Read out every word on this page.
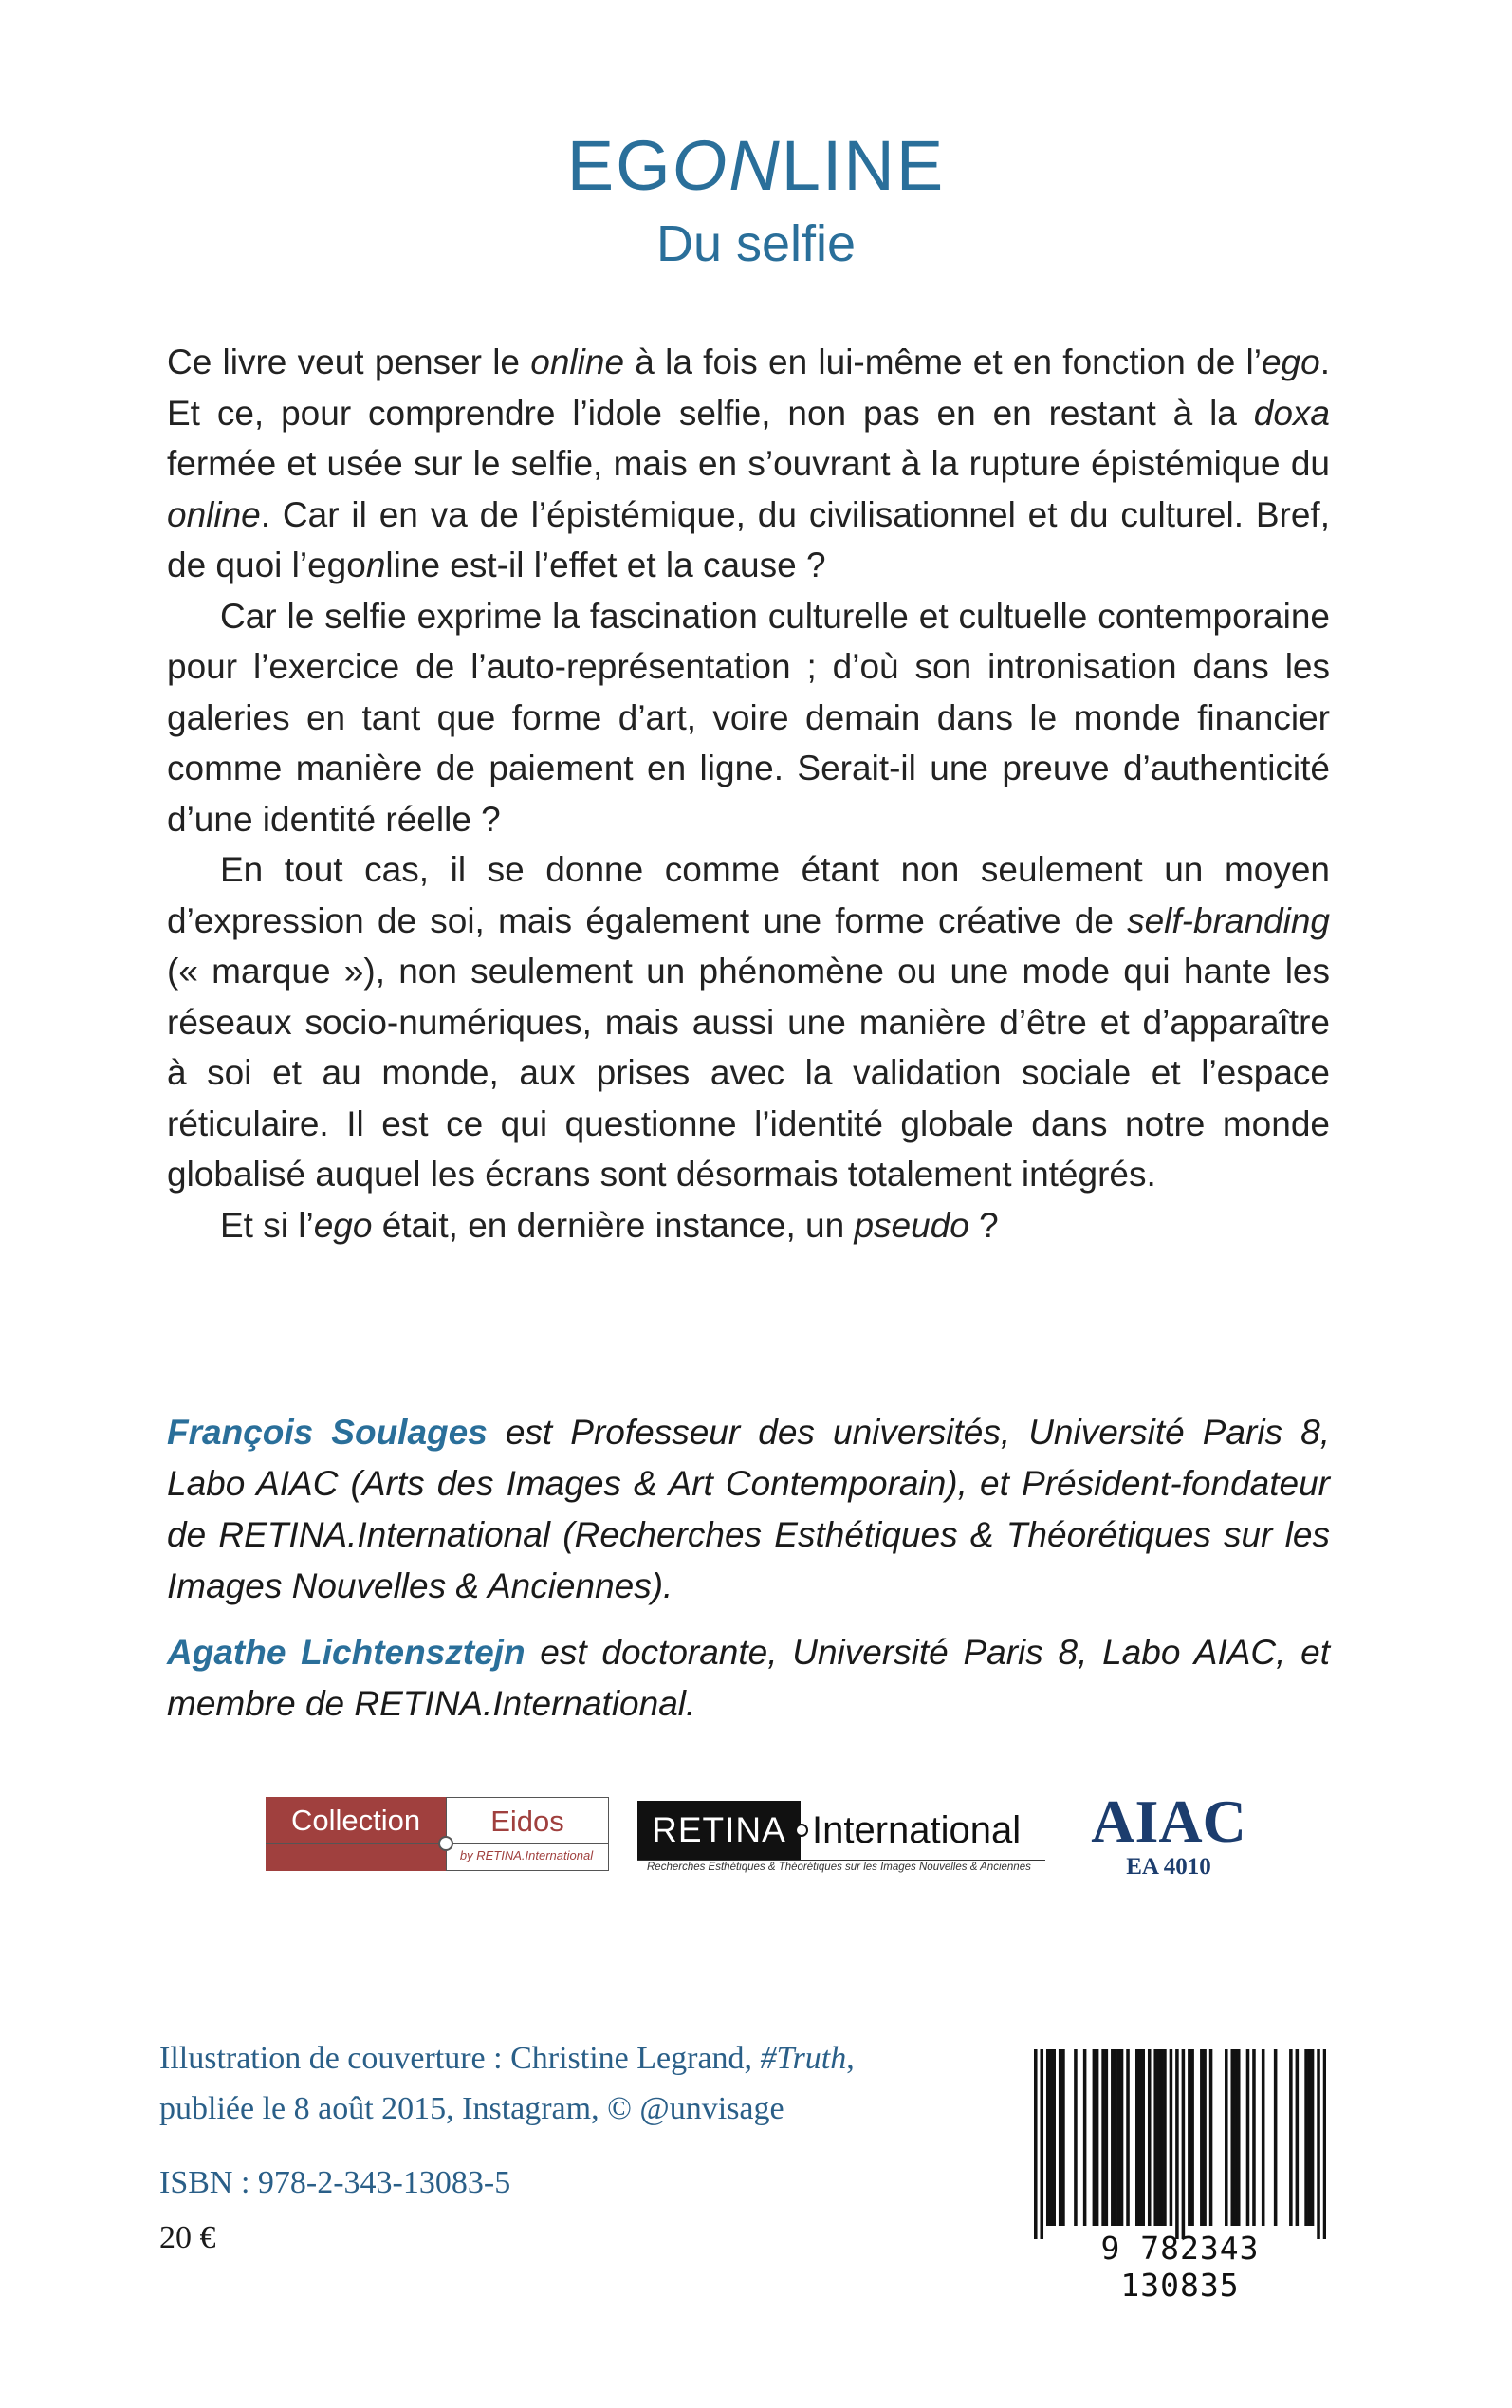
EGONLINE
Du selfie

Ce livre veut penser le online à la fois en lui-même et en fonction de l’ego. Et ce, pour comprendre l’idole selfie, non pas en en restant à la doxa fermée et usée sur le selfie, mais en s’ouvrant à la rupture épistémique du online. Car il en va de l’épistémique, du civilisationnel et du culturel. Bref, de quoi l’egonline est-il l’effet et la cause ?

Car le selfie exprime la fascination culturelle et cultuelle contemporaine pour l’exercice de l’auto-représentation ; d’où son intronisation dans les galeries en tant que forme d’art, voire demain dans le monde financier comme manière de paiement en ligne. Serait-il une preuve d’authenticité d’une identité réelle ?

En tout cas, il se donne comme étant non seulement un moyen d’expression de soi, mais également une forme créative de self-branding (« marque »), non seulement un phénomène ou une mode qui hante les réseaux socio-numériques, mais aussi une manière d’être et d’apparaître à soi et au monde, aux prises avec la validation sociale et l’espace réticulaire. Il est ce qui questionne l’identité globale dans notre monde globalisé auquel les écrans sont désormais totalement intégrés.

Et si l’ego était, en dernière instance, un pseudo ?

François Soulages est Professeur des universités, Université Paris 8, Labo AIAC (Arts des Images & Art Contemporain), et Président-fondateur de RETINA.International (Recherches Esthétiques & Théorétiques sur les Images Nouvelles & Anciennes).

Agathe Lichtensztejn est doctorante, Université Paris 8, Labo AIAC, et membre de RETINA.International.

Collection	Eidos
by RETINA.International
RETINA International
Recherches Esthétiques & Théorétiques sur les Images Nouvelles & Anciennes
AIAC
EA 4010
Illustration de couverture : Christine Legrand, #Truth,
publiée le 8 août 2015, Instagram, © @unvisage
ISBN : 978-2-343-13083-5
20 €	9 782343 130835
